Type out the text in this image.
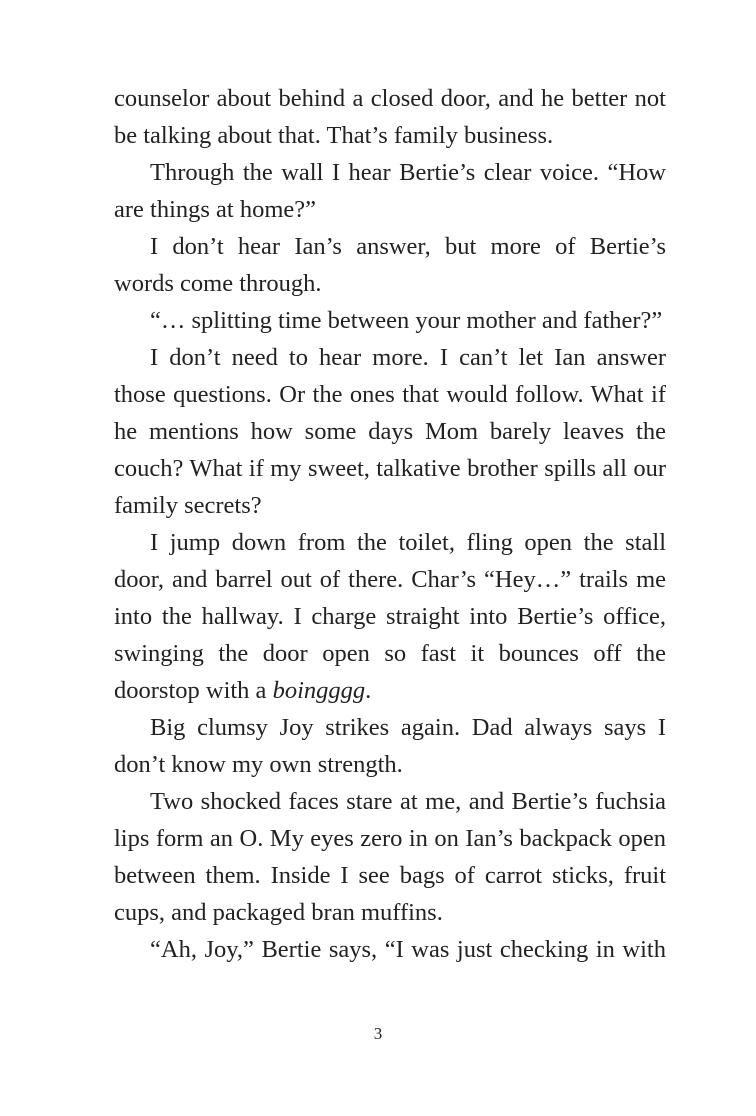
counselor about behind a closed door, and he better not be talking about that. That’s family business.

Through the wall I hear Bertie’s clear voice. “How are things at home?”

I don’t hear Ian’s answer, but more of Bertie’s words come through.

“… splitting time between your mother and father?”

I don’t need to hear more. I can’t let Ian answer those questions. Or the ones that would follow. What if he mentions how some days Mom barely leaves the couch? What if my sweet, talkative brother spills all our family secrets?

I jump down from the toilet, fling open the stall door, and barrel out of there. Char’s “Hey…” trails me into the hallway. I charge straight into Bertie’s office, swinging the door open so fast it bounces off the doorstop with a boingggg.

Big clumsy Joy strikes again. Dad always says I don’t know my own strength.

Two shocked faces stare at me, and Bertie’s fuchsia lips form an O. My eyes zero in on Ian’s backpack open between them. Inside I see bags of carrot sticks, fruit cups, and packaged bran muffins.

“Ah, Joy,” Bertie says, “I was just checking in with

3
